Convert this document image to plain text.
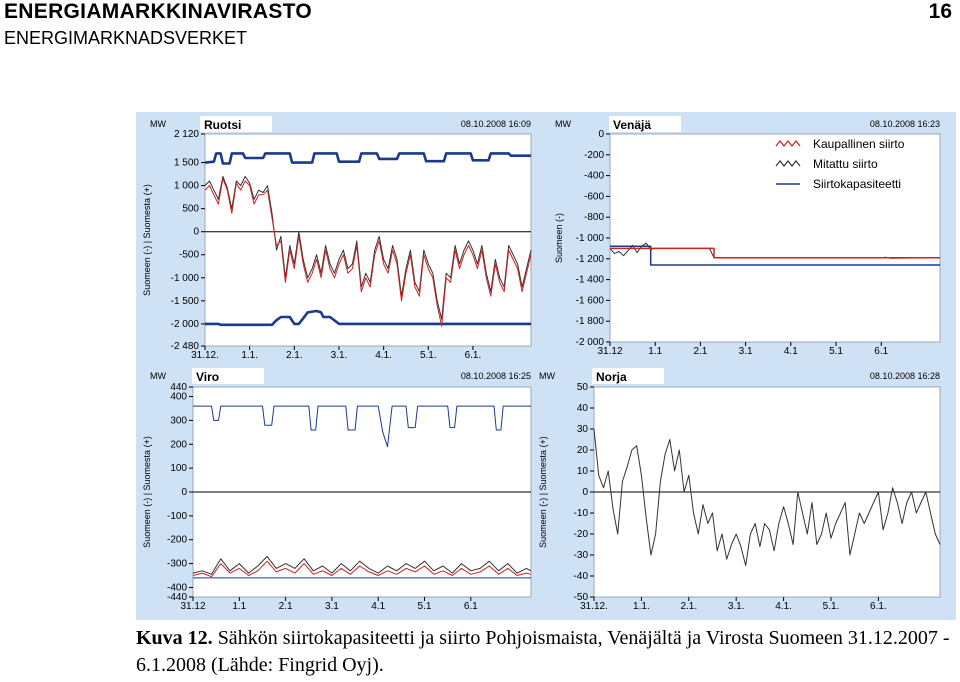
ENERGIAMARKKINAVIRASTO
ENERGIMARKNADSVERKET
16
Ruotsi	08.10.2008 16:09
MW
2 120
1 500
1 000
500
0
-500
-1 000
-1 500
-2 000
-2 480
31.12. 1.1.	2.1.	3.1.	4.1.	5.1.	6.1.
Suomeen (-) | Suomesta (+)
Venäjä	08.10.2008 16:23
MW
0
-200
-400
-600
-800
-1 000
-1 200
-1 400
-1 600
-1 800
-2 000
31.12	1.1	2.1	3.1	4.1	5.1	6.1
Suomeen (-)
Viro	08.10.2008 16:25
MW
440
400
300
200
100
0
-100
-200
-300
-400
-440
31.12	1.1	2.1	3.1	4.1	5.1	6.1
Suomeen (-) | Suomesta (+)
Norja	08.10.2008 16:28
MW
50
40
30
20
10
0
-10
-20
-30
-40
-50
31.12.	1.1.	2.1.	3.1.	4.1.	5.1.	6.1.
Suomeen (-) | Suomesta (+)
Kaupallinen siirto
Mitattu siirto
Siirtokapasiteetti
Kuva 12. Sähkön siirtokapasiteetti ja siirto Pohjoismaista, Venäjältä ja Virosta Suomeen 31.12.2007 - 6.1.2008 (Lähde: Fingrid Oyj).
